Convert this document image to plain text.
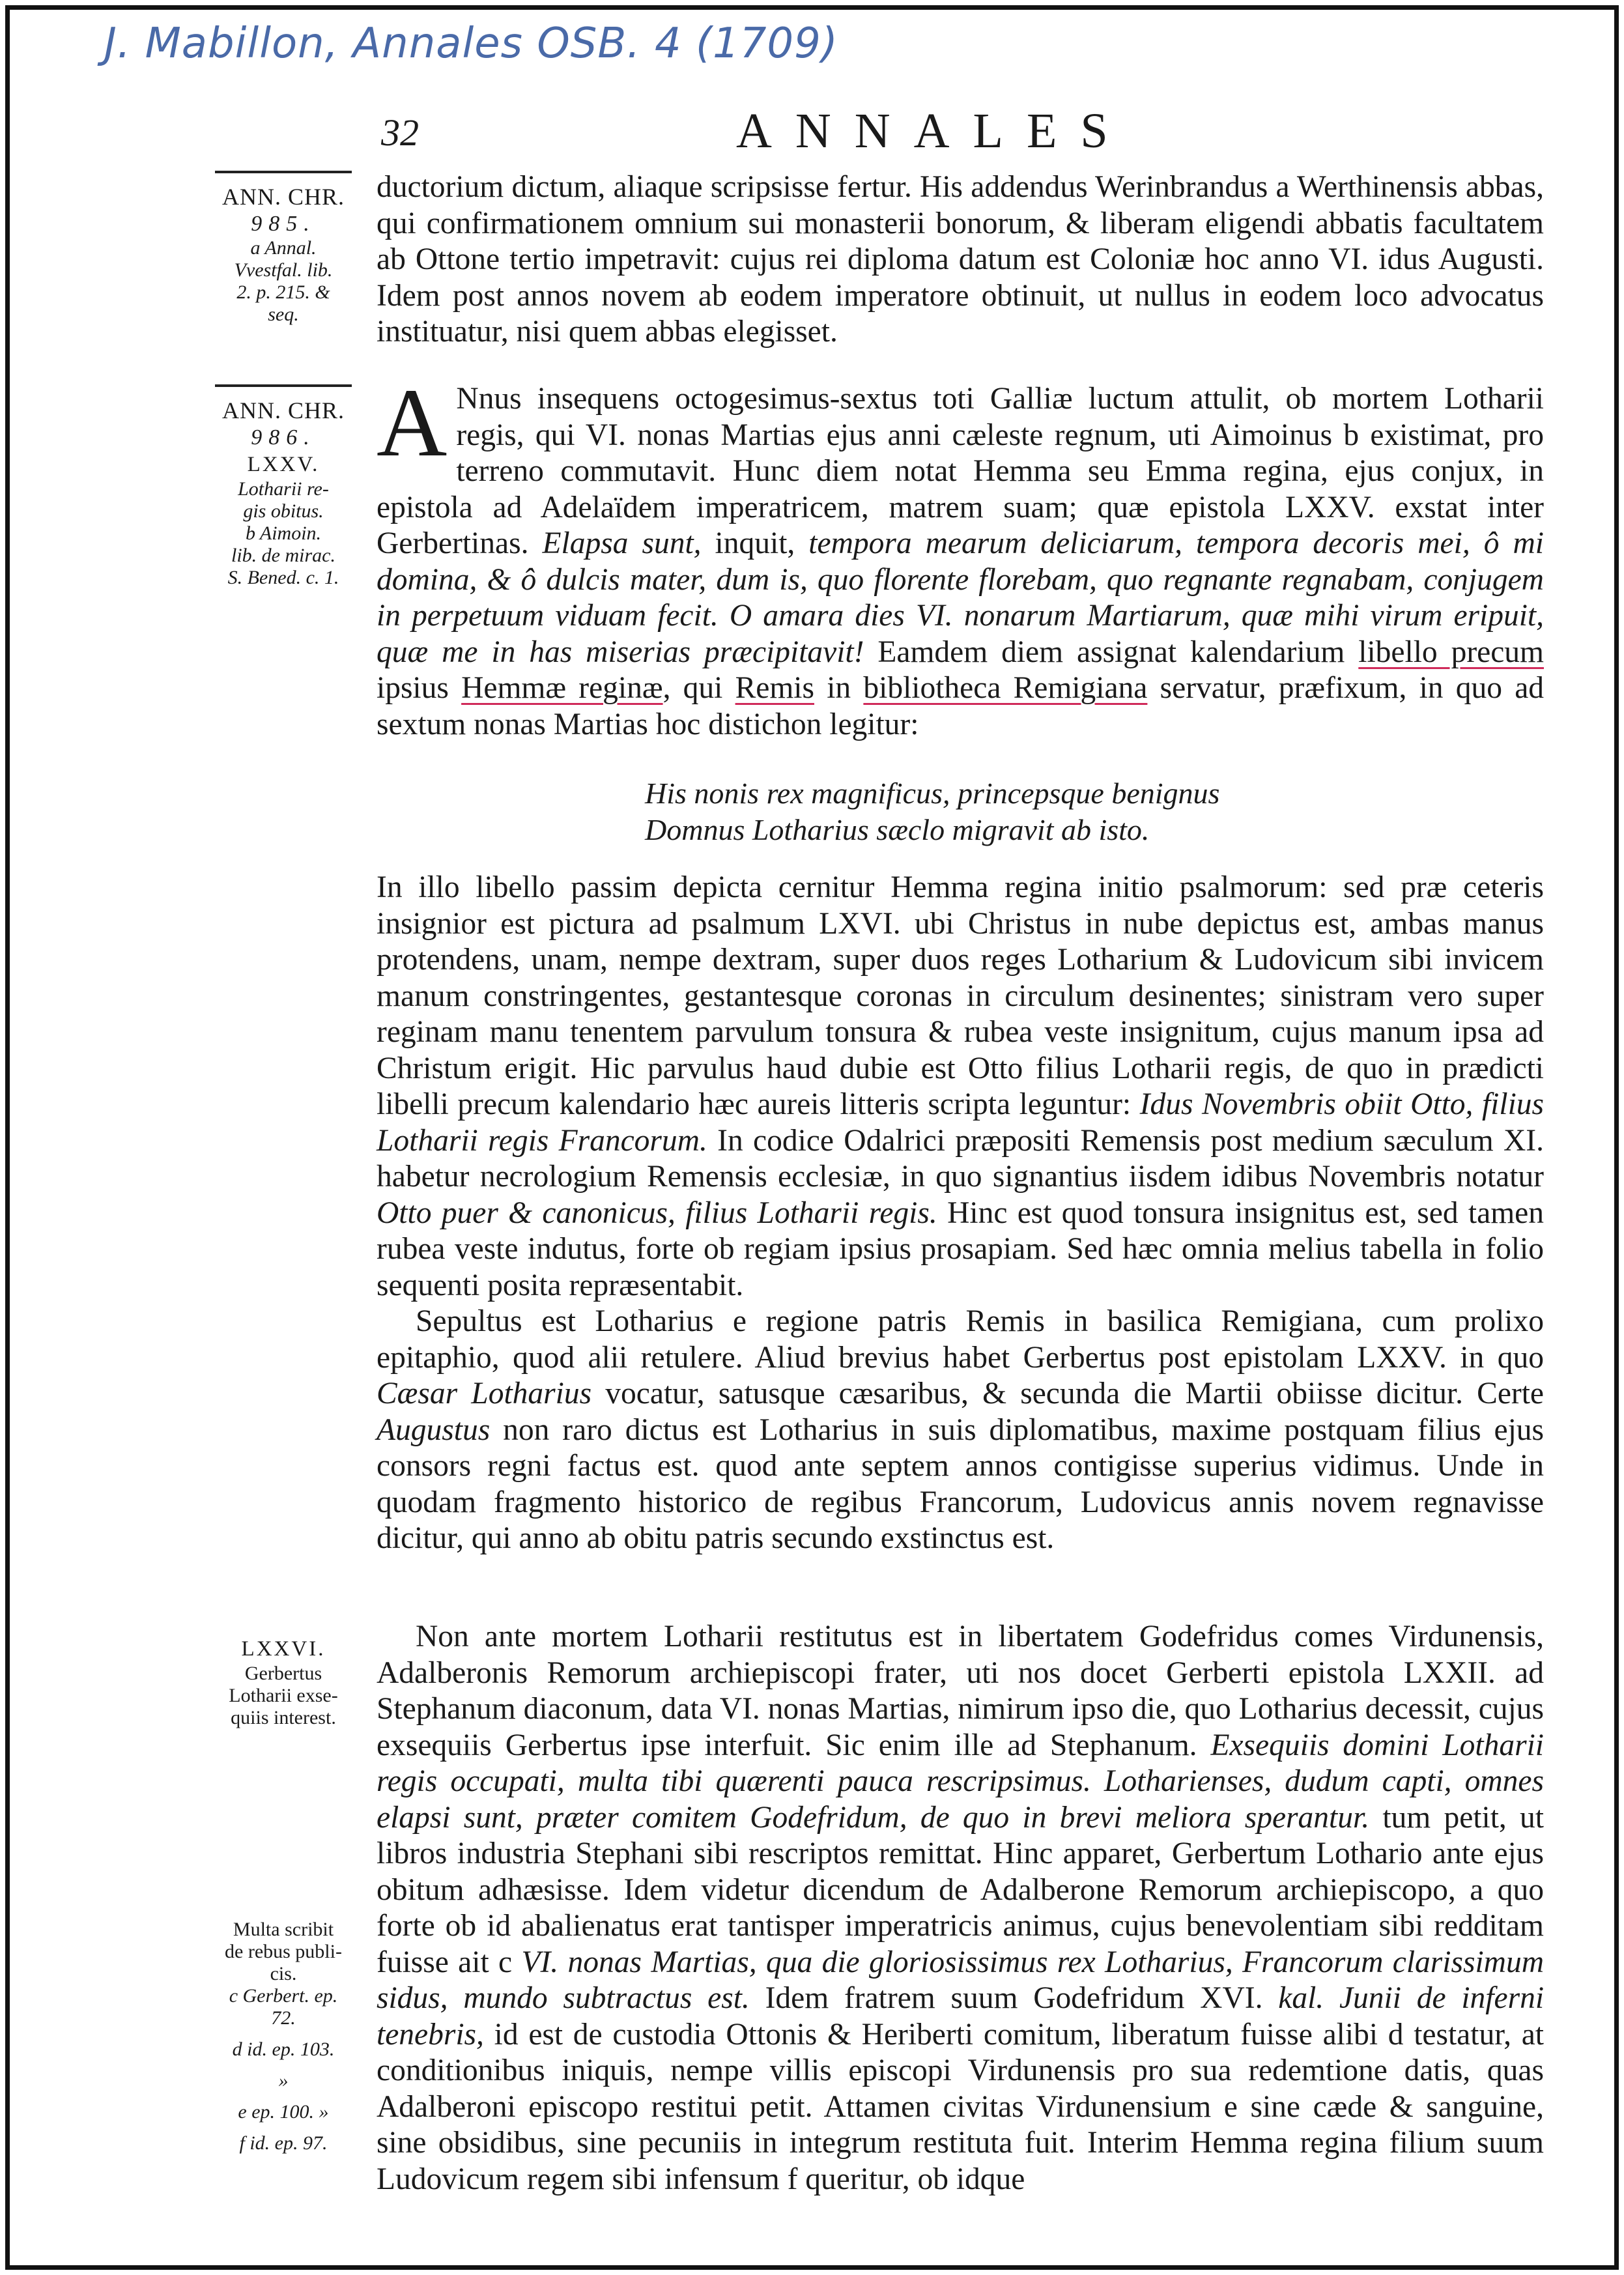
J. Mabillon, Annales OSB. 4 (1709)
32	ANNALES
ANN. CHR.
985.
a Annal.
Vvestfal. lib.
2. p. 215. &
seq.
ANN. CHR.
986.
LXXV.
Lotharii re-
gis obitus.
b Aimoin.
lib. de mirac.
S. Bened. c. 1.
LXXVI.
Gerbertus
Lotharii exse-
quiis interest.
Multa scribit
de rebus publi-
cis.
c Gerbert. ep.
72.
d id. ep. 103.
»
e ep. 100. »
f id. ep. 97.

ductorium dictum, aliaque scripsisse fertur. His addendus Werinbrandus a Werthinensis abbas, qui confirmationem omnium sui monasterii bonorum, & liberam eligendi abbatis facultatem ab Ottone tertio impetravit: cujus rei diploma datum est Coloniæ hoc anno VI. idus Augusti. Idem post annos novem ab eodem imperatore obtinuit, ut nullus in eodem loco advocatus instituatur, nisi quem abbas elegisset.

A Nnus insequens octogesimus-sextus toti Galliæ luctum attulit, ob mortem Lotharii regis, qui VI. nonas Martias ejus anni cæleste regnum, uti Aimoinus b existimat, pro terreno commutavit. Hunc diem notat Hemma seu Emma regina, ejus conjux, in epistola ad Adelaïdem imperatricem, matrem suam; quæ epistola LXXV. exstat inter Gerbertinas. Elapsa sunt, inquit, tempora mearum deliciarum, tempora decoris mei, ô mi domina, & ô dulcis mater, dum is, quo florente florebam, quo regnante regnabam, conjugem in perpetuum viduam fecit. O amara dies VI. nonarum Martiarum, quæ mihi virum eripuit, quæ me in has miserias præcipitavit! Eamdem diem assignat kalendarium libello precum ipsius Hemmæ reginæ, qui Remis in bibliotheca Remigiana servatur, præfixum, in quo ad sextum nonas Martias hoc distichon legitur:

His nonis rex magnificus, princepsque benignus

Domnus Lotharius sæclo migravit ab isto.

In illo libello passim depicta cernitur Hemma regina initio psalmorum: sed præ ceteris insignior est pictura ad psalmum LXVI. ubi Christus in nube depictus est, ambas manus protendens, unam, nempe dextram, super duos reges Lotharium & Ludovicum sibi invicem manum constringentes, gestantesque coronas in circulum desinentes; sinistram vero super reginam manu tenentem parvulum tonsura & rubea veste insignitum, cujus manum ipsa ad Christum erigit. Hic parvulus haud dubie est Otto filius Lotharii regis, de quo in prædicti libelli precum kalendario hæc aureis litteris scripta leguntur: Idus Novembris obiit Otto, filius Lotharii regis Francorum. In codice Odalrici præpositi Remensis post medium sæculum XI. habetur necrologium Remensis ecclesiæ, in quo signantius iisdem idibus Novembris notatur Otto puer & canonicus, filius Lotharii regis. Hinc est quod tonsura insignitus est, sed tamen rubea veste indutus, forte ob regiam ipsius prosapiam. Sed hæc omnia melius tabella in folio sequenti posita repræsentabit.

Sepultus est Lotharius e regione patris Remis in basilica Remigiana, cum prolixo epitaphio, quod alii retulere. Aliud brevius habet Gerbertus post epistolam LXXV. in quo Cæsar Lotharius vocatur, satusque cæsaribus, & secunda die Martii obiisse dicitur. Certe Augustus non raro dictus est Lotharius in suis diplomatibus, maxime postquam filius ejus consors regni factus est. quod ante septem annos contigisse superius vidimus. Unde in quodam fragmento historico de regibus Francorum, Ludovicus annis novem regnavisse dicitur, qui anno ab obitu patris secundo exstinctus est.

Non ante mortem Lotharii restitutus est in libertatem Godefridus comes Virdunensis, Adalberonis Remorum archiepiscopi frater, uti nos docet Gerberti epistola LXXII. ad Stephanum diaconum, data VI. nonas Martias, nimirum ipso die, quo Lotharius decessit, cujus exsequiis Gerbertus ipse interfuit. Sic enim ille ad Stephanum. Exsequiis domini Lotharii regis occupati, multa tibi quærenti pauca rescripsimus. Lotharienses, dudum capti, omnes elapsi sunt, præter comitem Godefridum, de quo in brevi meliora sperantur. tum petit, ut libros industria Stephani sibi rescriptos remittat. Hinc apparet, Gerbertum Lothario ante ejus obitum adhæsisse. Idem videtur dicendum de Adalberone Remorum archiepiscopo, a quo forte ob id abalienatus erat tantisper imperatricis animus, cujus benevolentiam sibi redditam fuisse ait c VI. nonas Martias, qua die gloriosissimus rex Lotharius, Francorum clarissimum sidus, mundo subtractus est. Idem fratrem suum Godefridum XVI. kal. Junii de inferni tenebris, id est de custodia Ottonis & Heriberti comitum, liberatum fuisse alibi d testatur, at conditionibus iniquis, nempe villis episcopi Virdunensis pro sua redemtione datis, quas Adalberoni episcopo restitui petit. Attamen civitas Virdunensium e sine cæde & sanguine, sine obsidibus, sine pecuniis in integrum restituta fuit. Interim Hemma regina filium suum Ludovicum regem sibi infensum f queritur, ob idque
